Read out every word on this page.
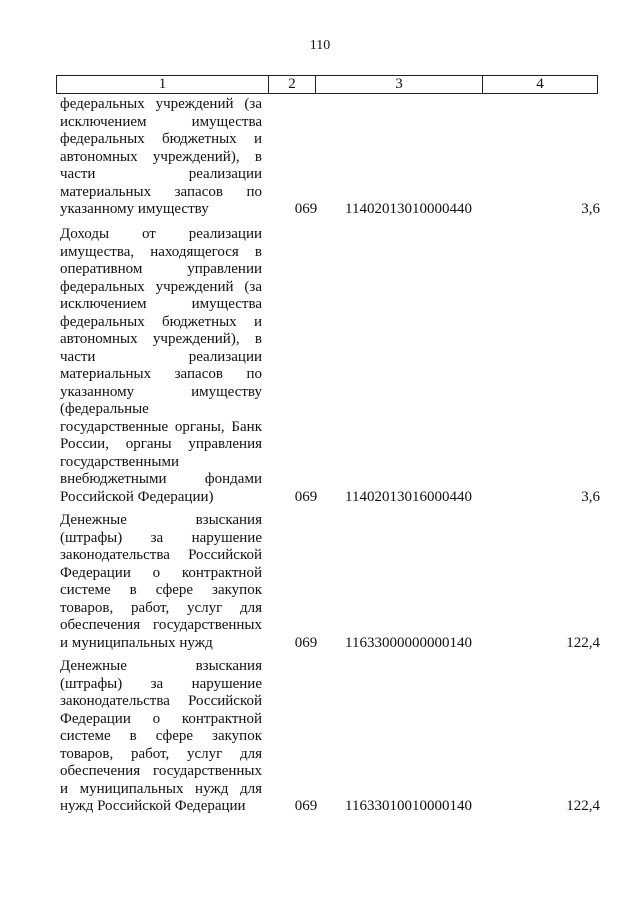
110
1	2	3	4
федеральных учреждений (за
исключением имущества
федеральных бюджетных и
автономных учреждений), в
части реализации
материальных запасов по
указанному имуществу	069	11402013010000440	3,6
Доходы от реализации
имущества, находящегося в
оперативном управлении
федеральных учреждений (за
исключением имущества
федеральных бюджетных и
автономных учреждений), в
части реализации
материальных запасов по
указанному имуществу
(федеральные
государственные органы, Банк
России, органы управления
государственными
внебюджетными фондами
Российской Федерации)	069	11402013016000440	3,6
Денежные взыскания
(штрафы) за нарушение
законодательства Российской
Федерации о контрактной
системе в сфере закупок
товаров, работ, услуг для
обеспечения государственных
и муниципальных нужд	069	11633000000000140	122,4
Денежные взыскания
(штрафы) за нарушение
законодательства Российской
Федерации о контрактной
системе в сфере закупок
товаров, работ, услуг для
обеспечения государственных
и муниципальных нужд для
нужд Российской Федерации	069	11633010010000140	122,4
